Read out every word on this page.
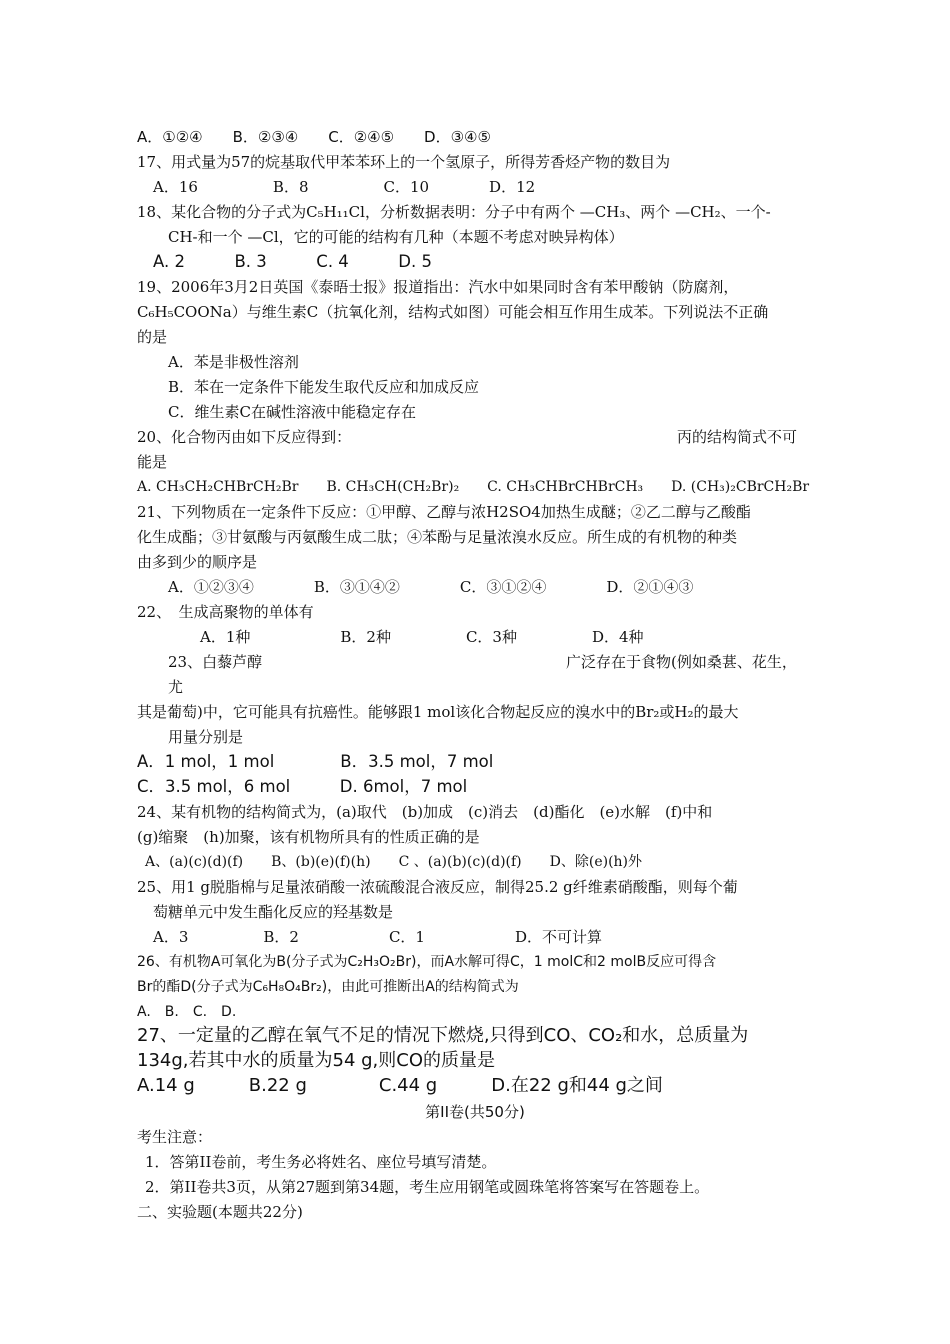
A．①②④　　B．②③④　　C．②④⑤　　D．③④⑤
17、用式量为57的烷基取代甲苯苯环上的一个氢原子，所得芳香烃产物的数目为
A．16　　　　　B．8　　　　　C．10　　　　D．12
18、某化合物的分子式为C₅H₁₁Cl，分析数据表明：分子中有两个 —CH₃、两个 —CH₂、一个-
CH-和一个 —Cl，它的可能的结构有几种（本题不考虑对映异构体）
A. 2　　　B. 3　　　C. 4　　　D. 5
19、2006年3月2日英国《泰晤士报》报道指出：汽水中如果同时含有苯甲酸钠（防腐剂，
C₆H₅COONa）与维生素C（抗氧化剂，结构式如图）可能会相互作用生成苯。下列说法不正确
的是
A．苯是非极性溶剂
B．苯在一定条件下能发生取代反应和加成反应
C．维生素C在碱性溶液中能稳定存在
20、化合物丙由如下反应得到：	丙的结构简式不可
能是
A. CH₃CH₂CHBrCH₂Br　　B. CH₃CH(CH₂Br)₂　　C. CH₃CHBrCHBrCH₃　　D. (CH₃)₂CBrCH₂Br
21、下列物质在一定条件下反应：①甲醇、乙醇与浓H2SO4加热生成醚；②乙二醇与乙酸酯
化生成酯；③甘氨酸与丙氨酸生成二肽；④苯酚与足量浓溴水反应。所生成的有机物的种类
由多到少的顺序是
A．①②③④　　　　B．③①④②　　　　C．③①②④　　　　D．②①④③
22、　生成高聚物的单体有
A．1种　　　　　　B．2种　　　　　C．3种　　　　　D．4种
23、白藜芦醇	广泛存在于食物(例如桑葚、花生，
尤
其是葡萄)中，它可能具有抗癌性。能够跟1 mol该化合物起反应的溴水中的Br₂或H₂的最大
用量分别是
A．1 mol，1 mol　　　　B．3.5 mol，7 mol
C．3.5 mol，6 mol　　　D. 6mol，7 mol
24、某有机物的结构简式为，(a)取代　(b)加成　(c)消去　(d)酯化　(e)水解　(f)中和
(g)缩聚　(h)加聚，该有机物所具有的性质正确的是
A、(a)(c)(d)(f)　　B、(b)(e)(f)(h)　　C 、(a)(b)(c)(d)(f)　　D、除(e)(h)外
25、用1 g脱脂棉与足量浓硝酸一浓硫酸混合液反应，制得25.2 g纤维素硝酸酯，则每个葡
萄糖单元中发生酯化反应的羟基数是
A．3　　　　　B．2　　　　　　C．1　　　　　　D．不可计算
26、有机物A可氧化为B(分子式为C₂H₃O₂Br)，而A水解可得C，1 molC和2 molB反应可得含
Br的酯D(分子式为C₆H₈O₄Br₂)，由此可推断出A的结构简式为
A.　B.　C.　D.
27、一定量的乙醇在氧气不足的情况下燃烧,只得到CO、CO₂和水，总质量为
134g,若其中水的质量为54 g,则CO的质量是
A.14 g　　　B.22 g　　　　C.44 g　　　D.在22 g和44 g之间
第II卷(共50分)
考生注意：
1．答第II卷前，考生务必将姓名、座位号填写清楚。
2．第II卷共3页，从第27题到第34题，考生应用钢笔或圆珠笔将答案写在答题卷上。
二、实验题(本题共22分)
